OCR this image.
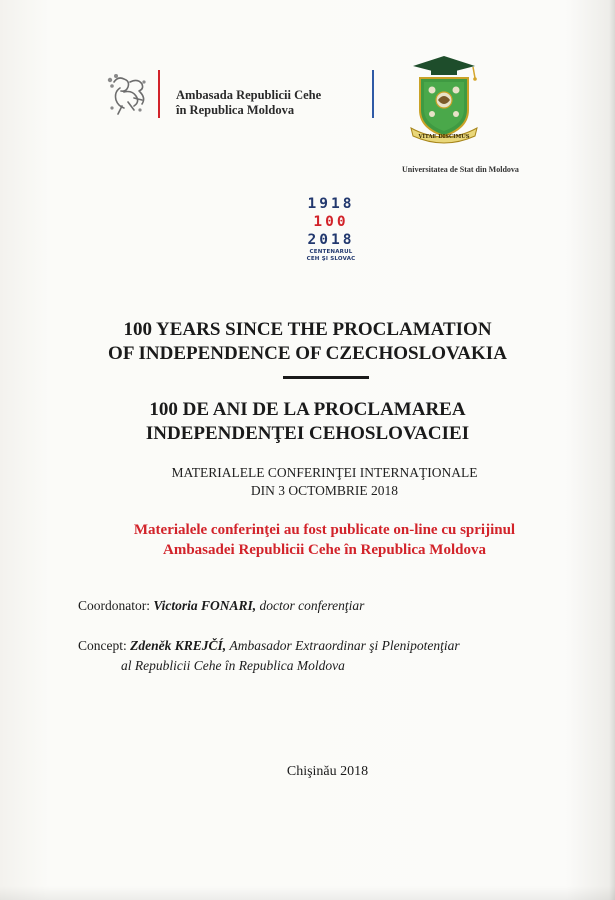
Ambasada Republicii Cehe
în Republica Moldova
VITAE DISCIMUS
Universitatea de Stat din Moldova
1918
100
2018
CENTENARUL
CEH ŞI SLOVAC
100 YEARS SINCE THE PROCLAMATION
OF INDEPENDENCE OF CZECHOSLOVAKIA
100 DE ANI DE LA PROCLAMAREA
INDEPENDENŢEI CEHOSLOVACIEI
MATERIALELE CONFERINŢEI INTERNAŢIONALE
DIN 3 OCTOMBRIE 2018
Materialele conferinţei au fost publicate on-line cu sprijinul
Ambasadei Republicii Cehe în Republica Moldova
Coordonator: Victoria FONARI, doctor conferenţiar
Concept: Zdeněk KREJČÍ, Ambasador Extraordinar şi Plenipotenţiar
al Republicii Cehe în Republica Moldova
Chişinău 2018
